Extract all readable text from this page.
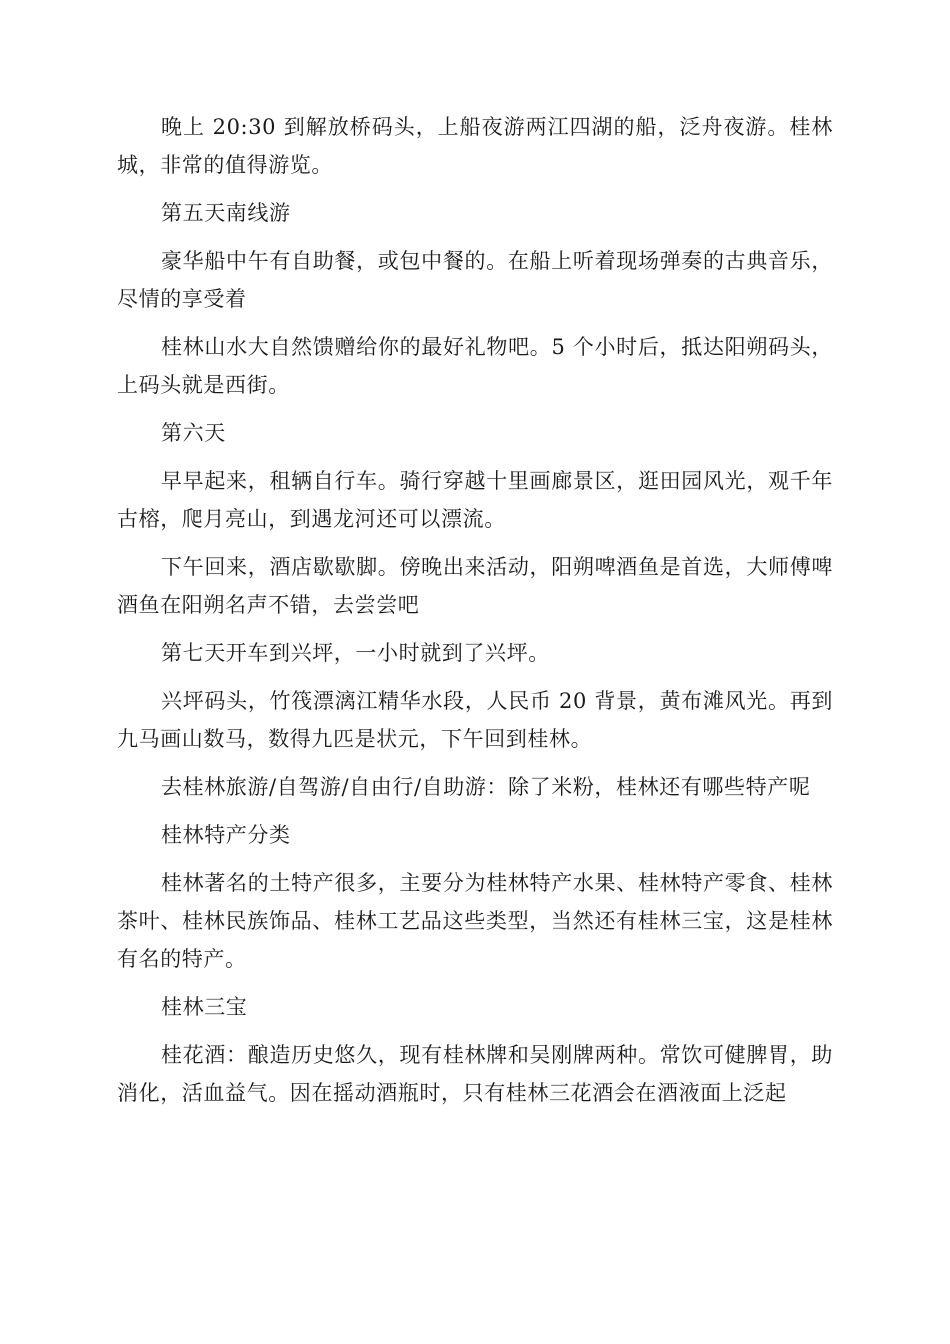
晚上 20:30 到解放桥码头，上船夜游两江四湖的船，泛舟夜游。桂林城，非常的值得游览。

第五天南线游

豪华船中午有自助餐，或包中餐的。在船上听着现场弹奏的古典音乐，尽情的享受着

桂林山水大自然馈赠给你的最好礼物吧。5 个小时后，抵达阳朔码头，上码头就是西街。

第六天

早早起来，租辆自行车。骑行穿越十里画廊景区，逛田园风光，观千年古榕，爬月亮山，到遇龙河还可以漂流。

下午回来，酒店歇歇脚。傍晚出来活动，阳朔啤酒鱼是首选，大师傅啤酒鱼在阳朔名声不错，去尝尝吧

第七天开车到兴坪，一小时就到了兴坪。

兴坪码头，竹筏漂漓江精华水段，人民币 20 背景，黄布滩风光。再到九马画山数马，数得九匹是状元，下午回到桂林。

去桂林旅游/自驾游/自由行/自助游：除了米粉，桂林还有哪些特产呢

桂林特产分类

桂林著名的土特产很多，主要分为桂林特产水果、桂林特产零食、桂林茶叶、桂林民族饰品、桂林工艺品这些类型，当然还有桂林三宝，这是桂林有名的特产。

桂林三宝

桂花酒：酿造历史悠久，现有桂林牌和吴刚牌两种。常饮可健脾胃，助消化，活血益气。因在摇动酒瓶时，只有桂林三花酒会在酒液面上泛起
